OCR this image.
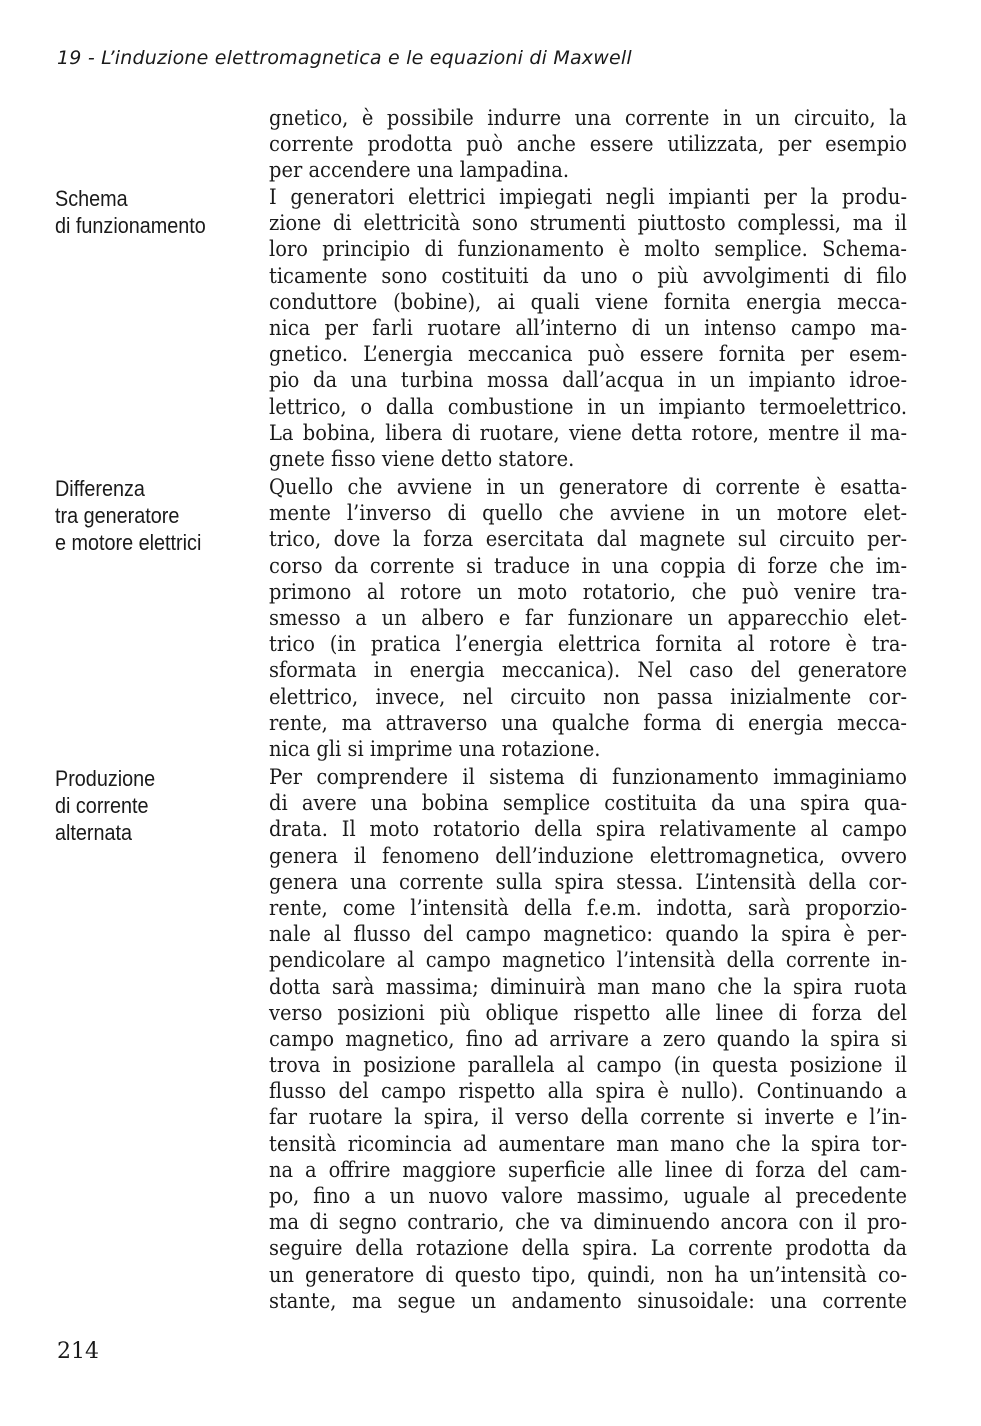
19 - L’induzione elettromagnetica e le equazioni di Maxwell
gnetico, è possibile indurre una corrente in un circuito, la
corrente prodotta può anche essere utilizzata, per esempio
per accendere una lampadina.
Schema
di funzionamento
I generatori elettrici impiegati negli impianti per la produ-
zione di elettricità sono strumenti piuttosto complessi, ma il
loro principio di funzionamento è molto semplice. Schema-
ticamente sono costituiti da uno o più avvolgimenti di filo
conduttore (bobine), ai quali viene fornita energia mecca-
nica per farli ruotare all’interno di un intenso campo ma-
gnetico. L’energia meccanica può essere fornita per esem-
pio da una turbina mossa dall’acqua in un impianto idroe-
lettrico, o dalla combustione in un impianto termoelettrico.
La bobina, libera di ruotare, viene detta rotore, mentre il ma-
gnete fisso viene detto statore.
Differenza
tra generatore
e motore elettrici
Quello che avviene in un generatore di corrente è esatta-
mente l’inverso di quello che avviene in un motore elet-
trico, dove la forza esercitata dal magnete sul circuito per-
corso da corrente si traduce in una coppia di forze che im-
primono al rotore un moto rotatorio, che può venire tra-
smesso a un albero e far funzionare un apparecchio elet-
trico (in pratica l’energia elettrica fornita al rotore è tra-
sformata in energia meccanica). Nel caso del generatore
elettrico, invece, nel circuito non passa inizialmente cor-
rente, ma attraverso una qualche forma di energia mecca-
nica gli si imprime una rotazione.
Produzione
di corrente
alternata
Per comprendere il sistema di funzionamento immaginiamo
di avere una bobina semplice costituita da una spira qua-
drata. Il moto rotatorio della spira relativamente al campo
genera il fenomeno dell’induzione elettromagnetica, ovvero
genera una corrente sulla spira stessa. L’intensità della cor-
rente, come l’intensità della f.e.m. indotta, sarà proporzio-
nale al flusso del campo magnetico: quando la spira è per-
pendicolare al campo magnetico l’intensità della corrente in-
dotta sarà massima; diminuirà man mano che la spira ruota
verso posizioni più oblique rispetto alle linee di forza del
campo magnetico, fino ad arrivare a zero quando la spira si
trova in posizione parallela al campo (in questa posizione il
flusso del campo rispetto alla spira è nullo). Continuando a
far ruotare la spira, il verso della corrente si inverte e l’in-
tensità ricomincia ad aumentare man mano che la spira tor-
na a offrire maggiore superficie alle linee di forza del cam-
po, fino a un nuovo valore massimo, uguale al precedente
ma di segno contrario, che va diminuendo ancora con il pro-
seguire della rotazione della spira. La corrente prodotta da
un generatore di questo tipo, quindi, non ha un’intensità co-
stante, ma segue un andamento sinusoidale: una corrente
214
